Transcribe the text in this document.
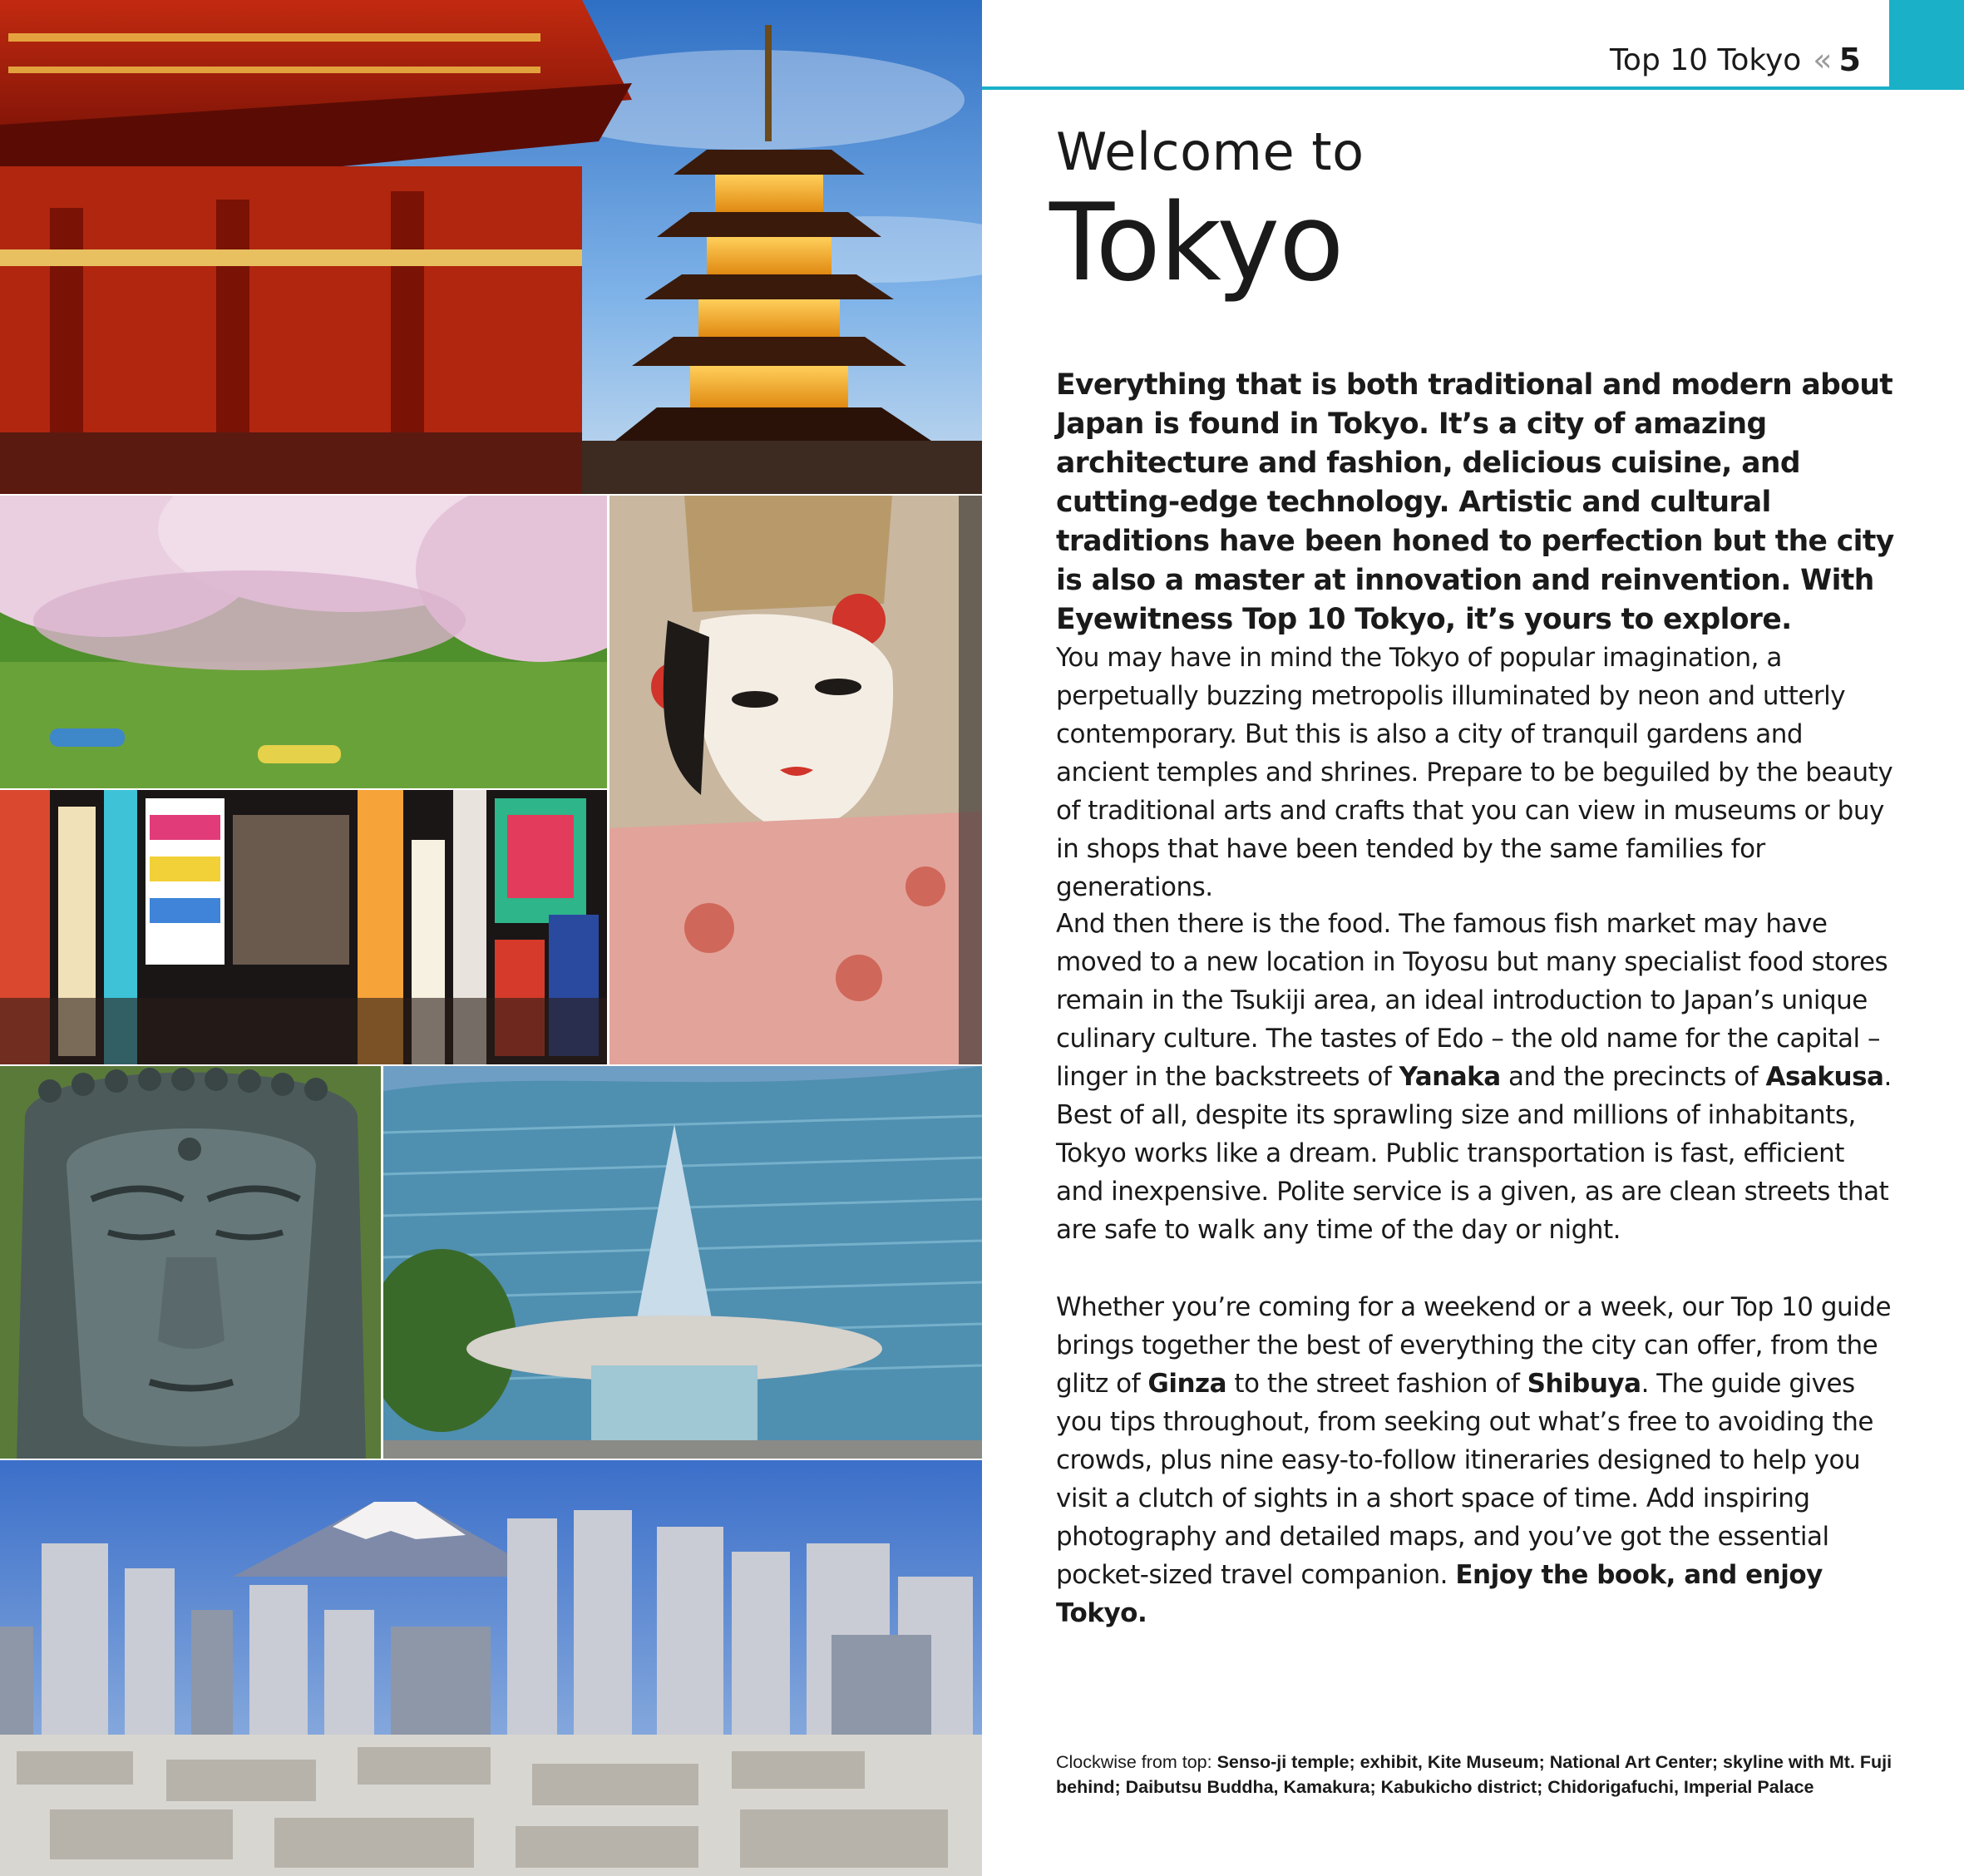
Top 10 Tokyo « 5
Welcome to
Tokyo
Everything that is both traditional and modern about Japan is found in Tokyo. It’s a city of amazing architecture and fashion, delicious cuisine, and cutting-edge technology. Artistic and cultural traditions have been honed to perfection but the city is also a master at innovation and reinvention. With Eyewitness Top 10 Tokyo, it’s yours to explore.
You may have in mind the Tokyo of popular imagination, a perpetually buzzing metropolis illuminated by neon and utterly contemporary. But this is also a city of tranquil gardens and ancient temples and shrines. Prepare to be beguiled by the beauty of traditional arts and crafts that you can view in museums or buy in shops that have been tended by the same families for generations.
And then there is the food. The famous fish market may have moved to a new location in Toyosu but many specialist food stores remain in the Tsukiji area, an ideal introduction to Japan’s unique culinary culture. The tastes of Edo – the old name for the capital – linger in the backstreets of Yanaka and the precincts of Asakusa. Best of all, despite its sprawling size and millions of inhabitants, Tokyo works like a dream. Public transportation is fast, efficient and inexpensive. Polite service is a given, as are clean streets that are safe to walk any time of the day or night.
Whether you’re coming for a weekend or a week, our Top 10 guide brings together the best of everything the city can offer, from the glitz of Ginza to the street fashion of Shibuya. The guide gives you tips throughout, from seeking out what’s free to avoiding the crowds, plus nine easy-to-follow itineraries designed to help you visit a clutch of sights in a short space of time. Add inspiring photography and detailed maps, and you’ve got the essential pocket-sized travel companion. Enjoy the book, and enjoy Tokyo.
Clockwise from top: Senso-ji temple; exhibit, Kite Museum; National Art Center; skyline with Mt. Fuji behind; Daibutsu Buddha, Kamakura; Kabukicho district; Chidorigafuchi, Imperial Palace
